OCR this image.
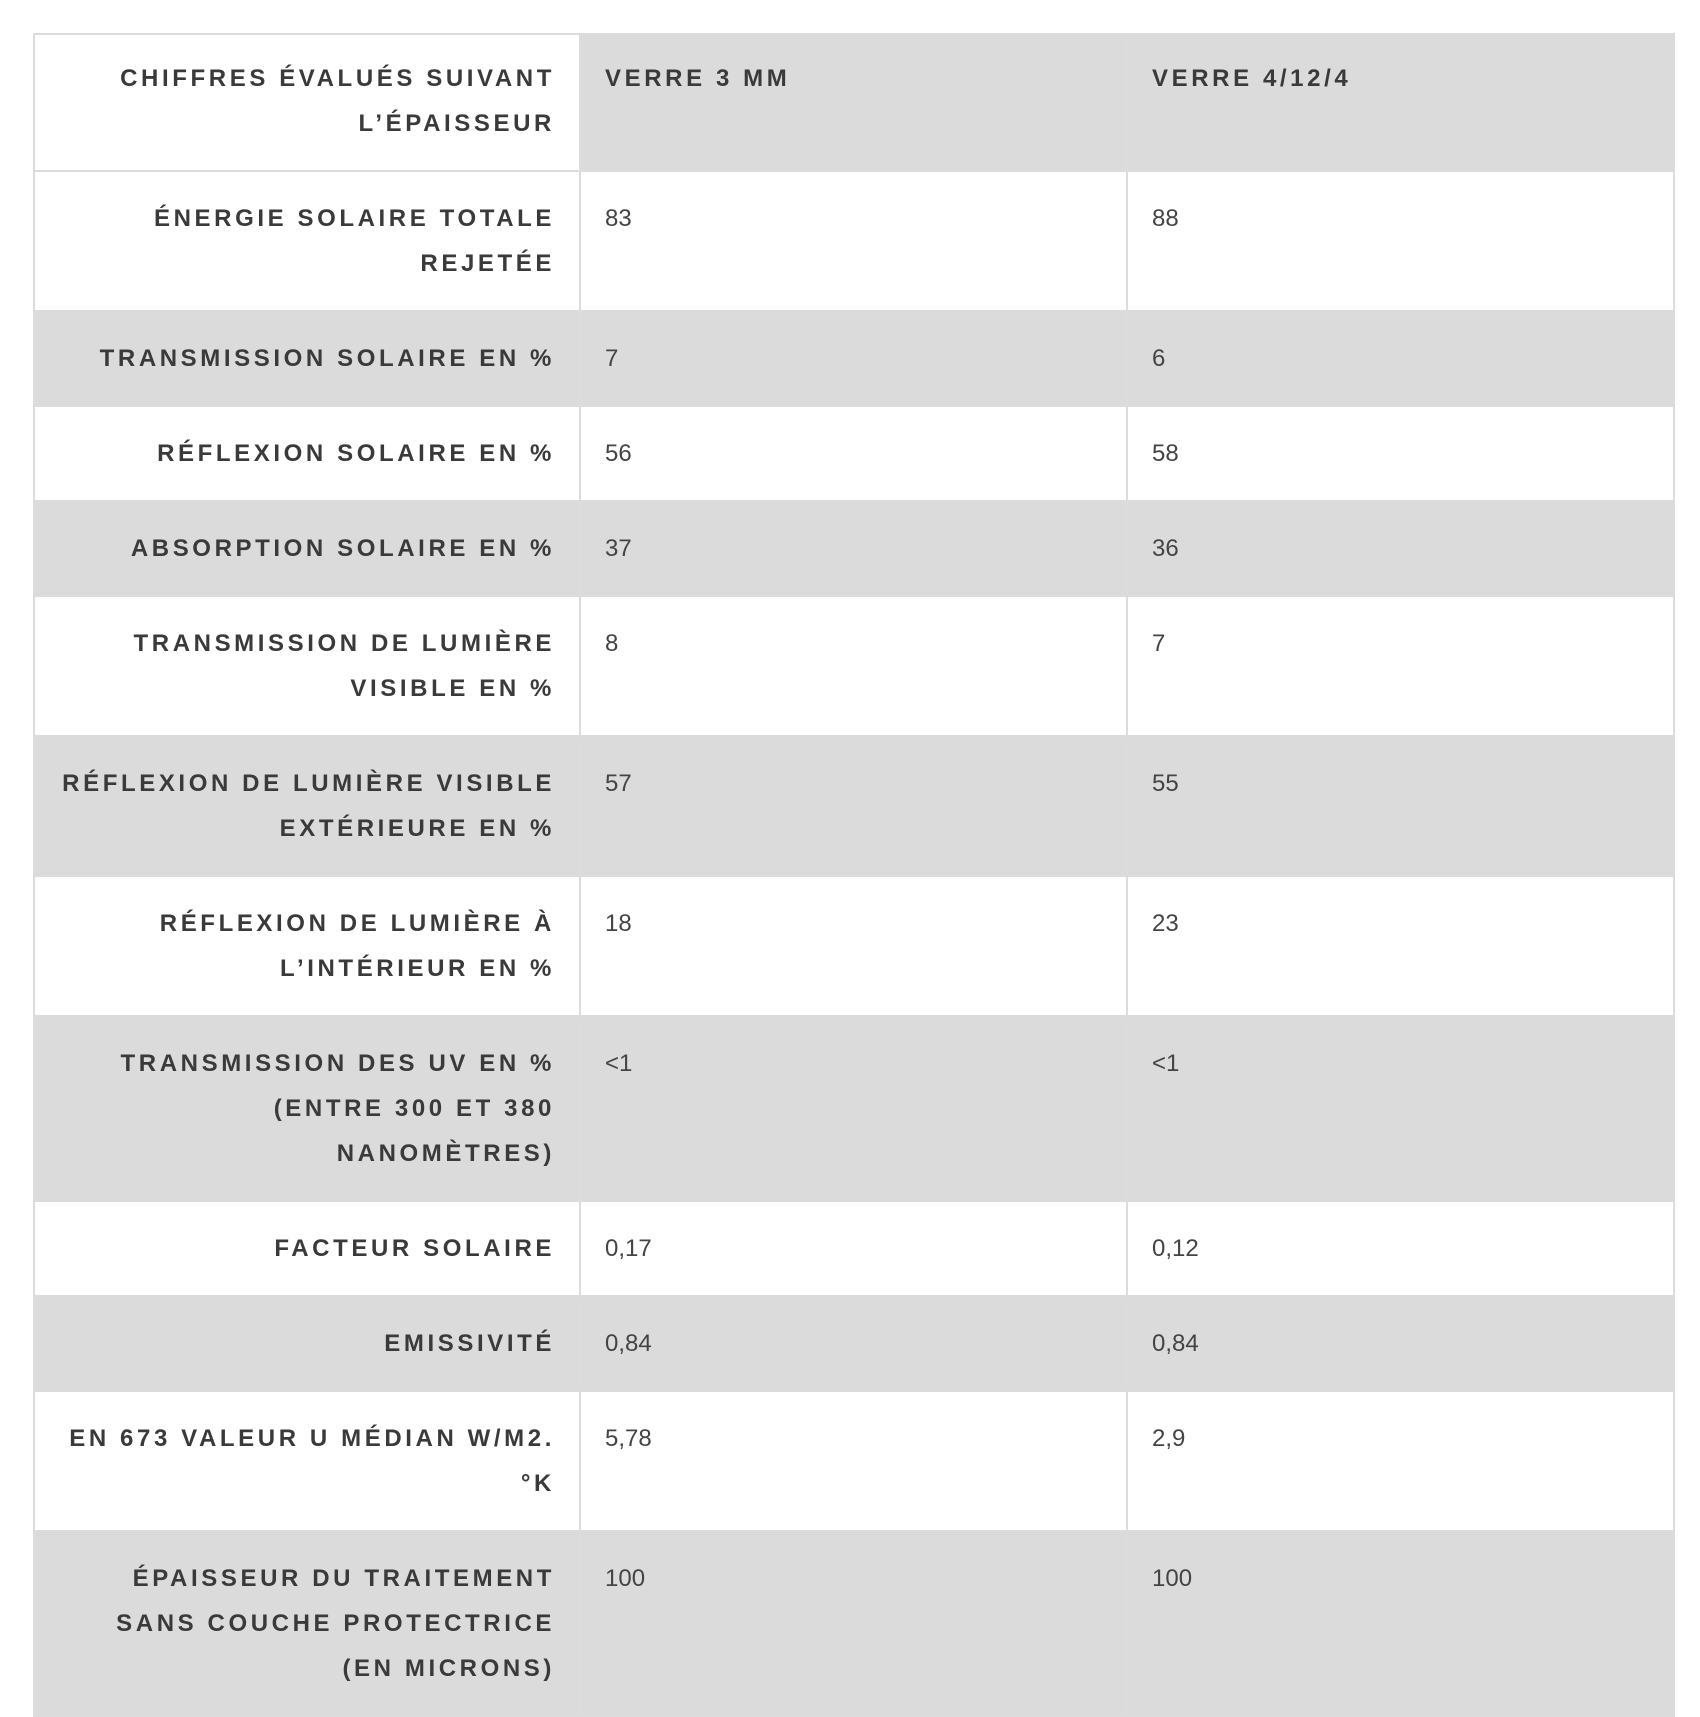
CHIFFRES ÉVALUÉS SUIVANT L’ÉPAISSEUR	VERRE 3 MM	VERRE 4/12/4
ÉNERGIE SOLAIRE TOTALE REJETÉE	83	88
TRANSMISSION SOLAIRE EN %	7	6
RÉFLEXION SOLAIRE EN %	56	58
ABSORPTION SOLAIRE EN %	37	36
TRANSMISSION DE LUMIÈRE VISIBLE EN %	8	7
RÉFLEXION DE LUMIÈRE VISIBLE EXTÉRIEURE EN %	57	55
RÉFLEXION DE LUMIÈRE À L’INTÉRIEUR EN %	18	23
TRANSMISSION DES UV EN % (ENTRE 300 ET 380 NANOMÈTRES)	<1	<1
FACTEUR SOLAIRE	0,17	0,12
EMISSIVITÉ	0,84	0,84
EN 673 VALEUR U MÉDIAN W/M2.°K	5,78	2,9
ÉPAISSEUR DU TRAITEMENT SANS COUCHE PROTECTRICE (EN MICRONS)	100	100
